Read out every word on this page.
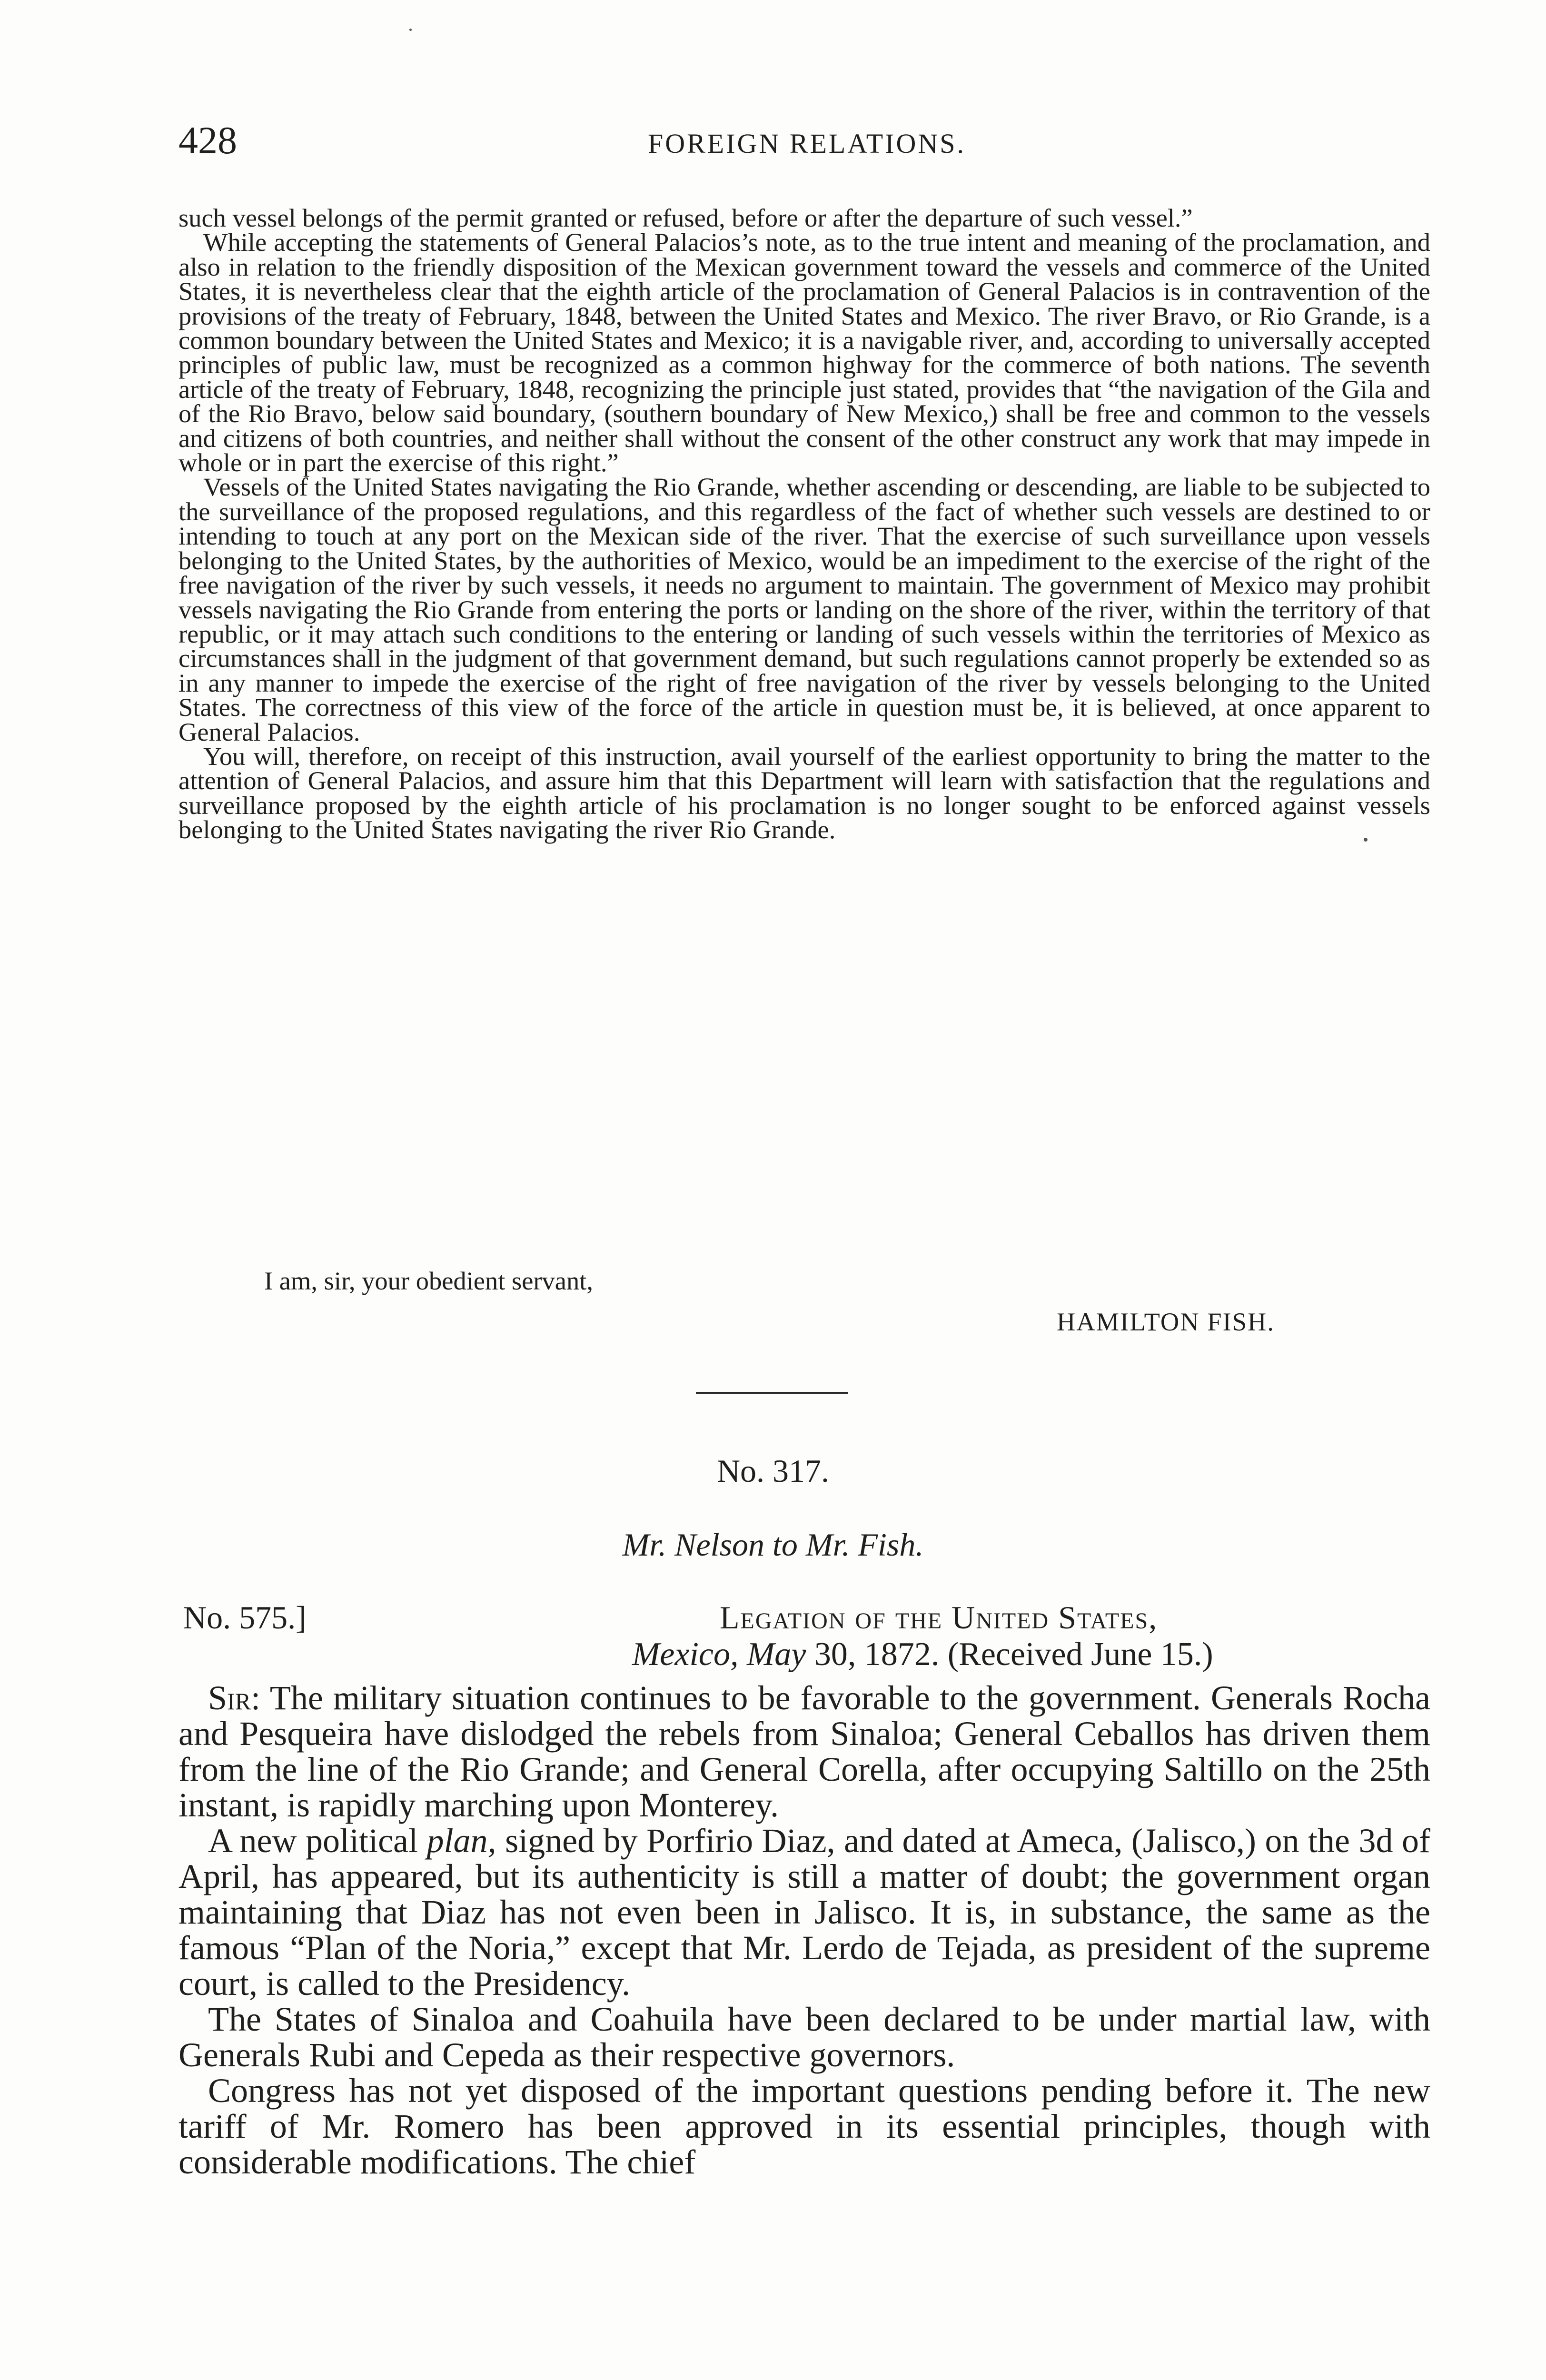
428	FOREIGN RELATIONS.

such vessel belongs of the permit granted or refused, before or after the departure of such vessel.”

While accepting the statements of General Palacios’s note, as to the true intent and meaning of the proclamation, and also in relation to the friendly disposition of the Mexican government toward the vessels and commerce of the United States, it is nevertheless clear that the eighth article of the proclamation of General Palacios is in contravention of the provisions of the treaty of February, 1848, between the United States and Mexico. The river Bravo, or Rio Grande, is a common boundary between the United States and Mexico; it is a navigable river, and, according to universally accepted principles of public law, must be recognized as a common highway for the commerce of both nations. The seventh article of the treaty of February, 1848, recognizing the principle just stated, provides that “the navigation of the Gila and of the Rio Bravo, below said boundary, (southern boundary of New Mexico,) shall be free and common to the vessels and citizens of both countries, and neither shall without the consent of the other construct any work that may impede in whole or in part the exercise of this right.”

Vessels of the United States navigating the Rio Grande, whether ascending or descending, are liable to be subjected to the surveillance of the proposed regulations, and this regardless of the fact of whether such vessels are destined to or intending to touch at any port on the Mexican side of the river. That the exercise of such surveillance upon vessels belonging to the United States, by the authorities of Mexico, would be an impediment to the exercise of the right of the free navigation of the river by such vessels, it needs no argument to maintain. The government of Mexico may prohibit vessels navigating the Rio Grande from entering the ports or landing on the shore of the river, within the territory of that republic, or it may attach such conditions to the entering or landing of such vessels within the territories of Mexico as circumstances shall in the judgment of that government demand, but such regulations cannot properly be extended so as in any manner to impede the exercise of the right of free navigation of the river by vessels belonging to the United States. The correctness of this view of the force of the article in question must be, it is believed, at once apparent to General Palacios.

You will, therefore, on receipt of this instruction, avail yourself of the earliest opportunity to bring the matter to the attention of General Palacios, and assure him that this Department will learn with satisfaction that the regulations and surveillance proposed by the eighth article of his proclamation is no longer sought to be enforced against vessels belonging to the United States navigating the river Rio Grande.

I am, sir, your obedient servant,
HAMILTON FISH.
No. 317.
Mr. Nelson to Mr. Fish.
No. 575.]	Legation of the United States,
Mexico, May 30, 1872. (Received June 15.)

Sir: The military situation continues to be favorable to the government. Generals Rocha and Pesqueira have dislodged the rebels from Sinaloa; General Ceballos has driven them from the line of the Rio Grande; and General Corella, after occupying Saltillo on the 25th instant, is rapidly marching upon Monterey.

A new political plan, signed by Porfirio Diaz, and dated at Ameca, (Jalisco,) on the 3d of April, has appeared, but its authenticity is still a matter of doubt; the government organ maintaining that Diaz has not even been in Jalisco. It is, in substance, the same as the famous “Plan of the Noria,” except that Mr. Lerdo de Tejada, as president of the supreme court, is called to the Presidency.

The States of Sinaloa and Coahuila have been declared to be under martial law, with Generals Rubi and Cepeda as their respective governors.

Congress has not yet disposed of the important questions pending before it. The new tariff of Mr. Romero has been approved in its essential principles, though with considerable modifications. The chief
